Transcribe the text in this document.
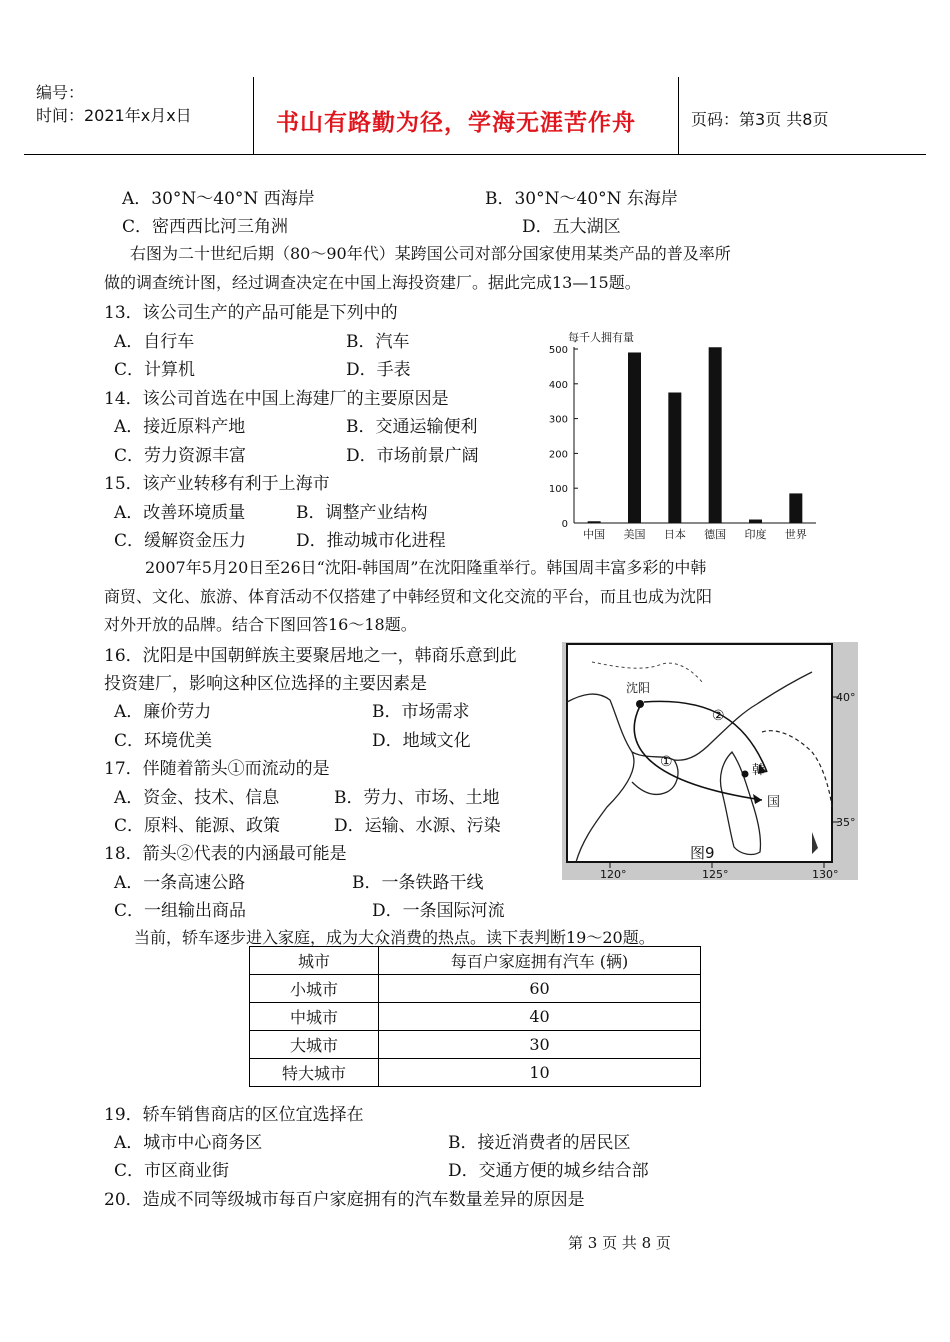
编号：
时间：2021年x月x日	书山有路勤为径，学海无涯苦作舟	页码：第3页 共8页
A．30°N～40°N 西海岸	B．30°N～40°N 东海岸
C．密西西比河三角洲	D．五大湖区
右图为二十世纪后期（80～90年代）某跨国公司对部分国家使用某类产品的普及率所
做的调查统计图，经过调查决定在中国上海投资建厂。据此完成13—15题。
13．该公司生产的产品可能是下列中的
A．自行车	B．汽车
C．计算机	D．手表
14．该公司首选在中国上海建厂的主要原因是
A．接近原料产地	B．交通运输便利
C．劳力资源丰富	D．市场前景广阔
15．该产业转移有利于上海市
A．改善环境质量	B．调整产业结构
C．缓解资金压力	D．推动城市化进程
2007年5月20日至26日“沈阳-韩国周”在沈阳隆重举行。韩国周丰富多彩的中韩
商贸、文化、旅游、体育活动不仅搭建了中韩经贸和文化交流的平台，而且也成为沈阳
对外开放的品牌。结合下图回答16～18题。
16．沈阳是中国朝鲜族主要聚居地之一，韩商乐意到此
投资建厂，影响这种区位选择的主要因素是
A．廉价劳力	B．市场需求
C．环境优美	D．地域文化
17．伴随着箭头①而流动的是
A．资金、技术、信息	B．劳力、市场、土地
C．原料、能源、政策	D．运输、水源、污染
18．箭头②代表的内涵最可能是
A．一条高速公路	B．一条铁路干线
C．一组输出商品	D．一条国际河流
当前，轿车逐步进入家庭，成为大众消费的热点。读下表判断19～20题。
19．轿车销售商店的区位宜选择在
A．城市中心商务区	B．接近消费者的居民区
C．市区商业街	D．交通方便的城乡结合部
20．造成不同等级城市每百户家庭拥有的汽车数量差异的原因是
城市	每百户家庭拥有汽车 (辆)
小城市	60
中城市	40
大城市	30
特大城市	10
每千人拥有量
0
100
200
300
400
500
中国 美国 日本 德国 印度 世界
沈阳
韩
国
①
②
40°
35°
120°	125°	130°
图9
第 3 页 共 8 页
